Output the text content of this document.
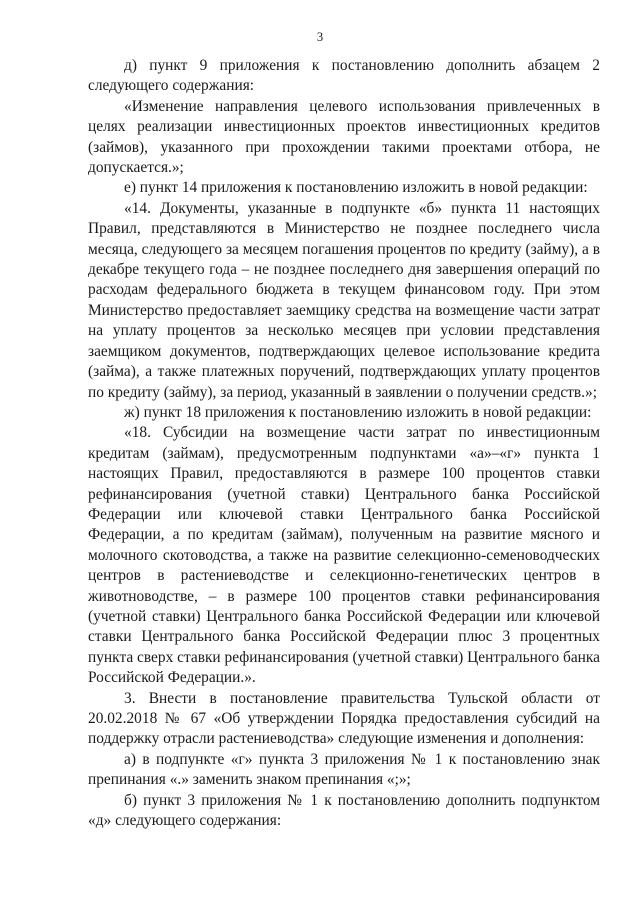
3

д) пункт 9 приложения к постановлению дополнить абзацем 2 следующего содержания:

«Изменение направления целевого использования привлеченных в целях реализации инвестиционных проектов инвестиционных кредитов (займов), указанного при прохождении такими проектами отбора, не допускается.»;

е) пункт 14 приложения к постановлению изложить в новой редакции:

«14. Документы, указанные в подпункте «б» пункта 11 настоящих Правил, представляются в Министерство не позднее последнего числа месяца, следующего за месяцем погашения процентов по кредиту (займу), а в декабре текущего года – не позднее последнего дня завершения операций по расходам федерального бюджета в текущем финансовом году. При этом Министерство предоставляет заемщику средства на возмещение части затрат на уплату процентов за несколько месяцев при условии представления заемщиком документов, подтверждающих целевое использование кредита (займа), а также платежных поручений, подтверждающих уплату процентов по кредиту (займу), за период, указанный в заявлении о получении средств.»;

ж) пункт 18 приложения к постановлению изложить в новой редакции:

«18. Субсидии на возмещение части затрат по инвестиционным кредитам (займам), предусмотренным подпунктами «а»–«г» пункта 1 настоящих Правил, предоставляются в размере 100 процентов ставки рефинансирования (учетной ставки) Центрального банка Российской Федерации или ключевой ставки Центрального банка Российской Федерации, а по кредитам (займам), полученным на развитие мясного и молочного скотоводства, а также на развитие селекционно-семеноводческих центров в растениеводстве и селекционно-генетических центров в животноводстве, – в размере 100 процентов ставки рефинансирования (учетной ставки) Центрального банка Российской Федерации или ключевой ставки Центрального банка Российской Федерации плюс 3 процентных пункта сверх ставки рефинансирования (учетной ставки) Центрального банка Российской Федерации.».

3. Внести в постановление правительства Тульской области от 20.02.2018 № 67 «Об утверждении Порядка предоставления субсидий на поддержку отрасли растениеводства» следующие изменения и дополнения:

а) в подпункте «г» пункта 3 приложения № 1 к постановлению знак препинания «.» заменить знаком препинания «;»;

б) пункт 3 приложения № 1 к постановлению дополнить подпунктом «д» следующего содержания:
